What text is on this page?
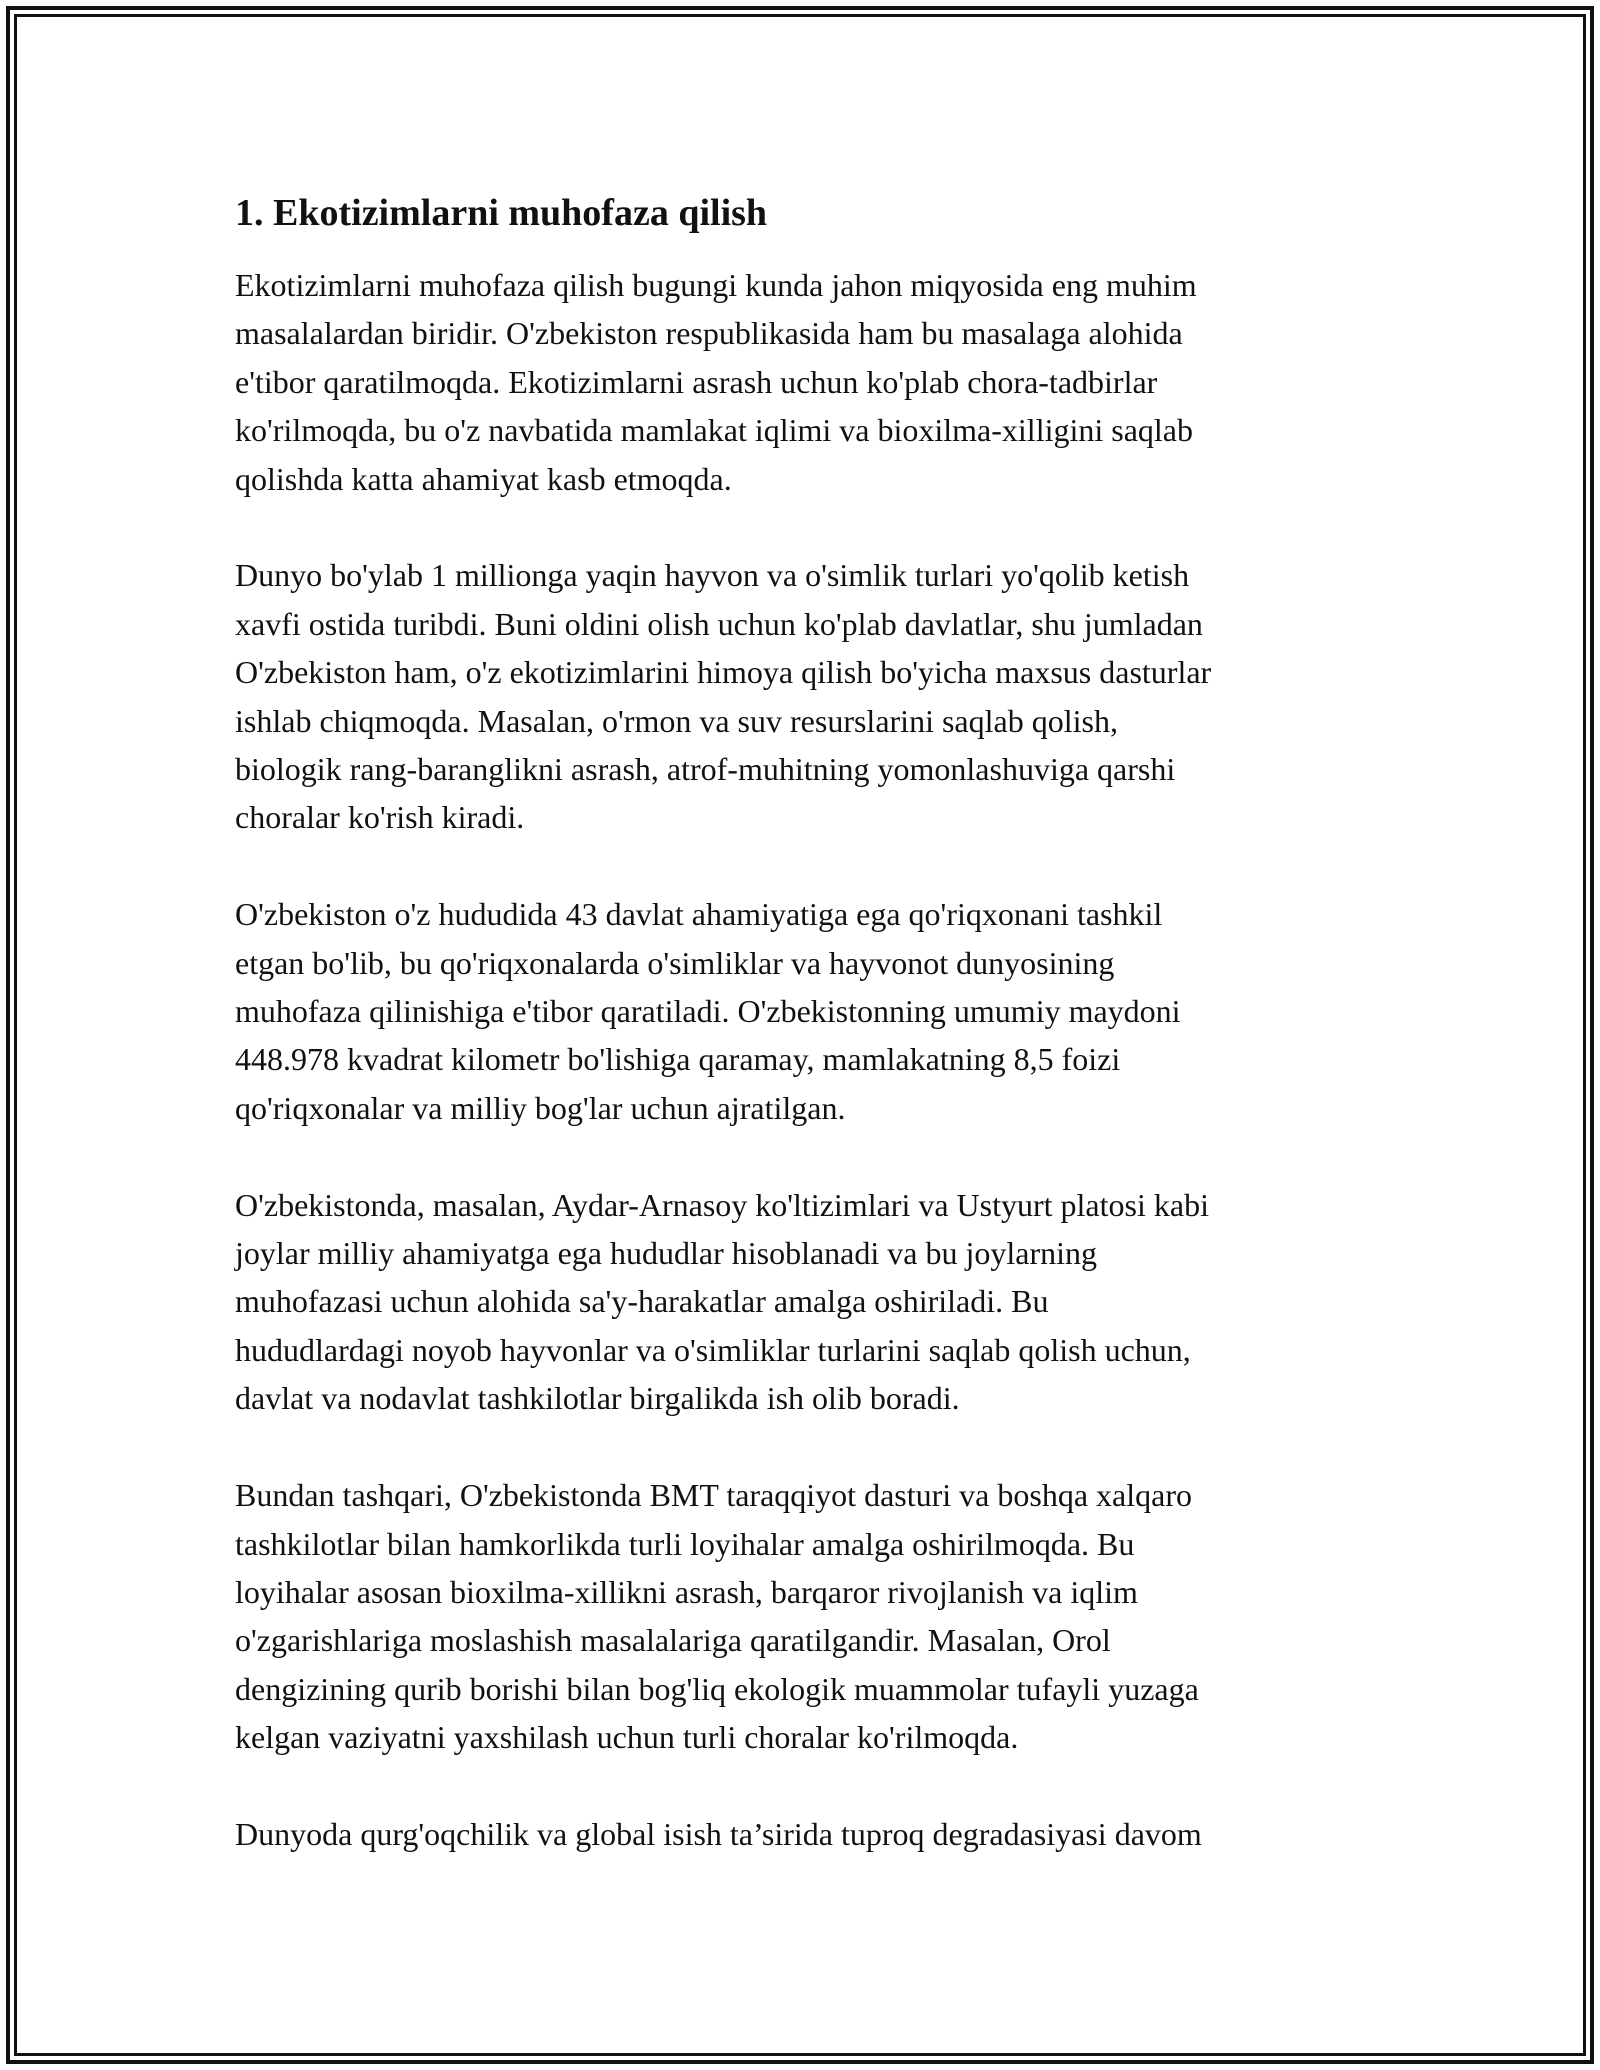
1. Ekotizimlarni muhofaza qilish

Ekotizimlarni muhofaza qilish bugungi kunda jahon miqyosida eng muhim
masalalardan biridir. O'zbekiston respublikasida ham bu masalaga alohida
e'tibor qaratilmoqda. Ekotizimlarni asrash uchun ko'plab chora-tadbirlar
ko'rilmoqda, bu o'z navbatida mamlakat iqlimi va bioxilma-xilligini saqlab
qolishda katta ahamiyat kasb etmoqda.

Dunyo bo'ylab 1 millionga yaqin hayvon va o'simlik turlari yo'qolib ketish
xavfi ostida turibdi. Buni oldini olish uchun ko'plab davlatlar, shu jumladan
O'zbekiston ham, o'z ekotizimlarini himoya qilish bo'yicha maxsus dasturlar
ishlab chiqmoqda. Masalan, o'rmon va suv resurslarini saqlab qolish,
biologik rang-baranglikni asrash, atrof-muhitning yomonlashuviga qarshi
choralar ko'rish kiradi.

O'zbekiston o'z hududida 43 davlat ahamiyatiga ega qo'riqxonani tashkil
etgan bo'lib, bu qo'riqxonalarda o'simliklar va hayvonot dunyosining
muhofaza qilinishiga e'tibor qaratiladi. O'zbekistonning umumiy maydoni
448.978 kvadrat kilometr bo'lishiga qaramay, mamlakatning 8,5 foizi
qo'riqxonalar va milliy bog'lar uchun ajratilgan.

O'zbekistonda, masalan, Aydar-Arnasoy ko'ltizimlari va Ustyurt platosi kabi
joylar milliy ahamiyatga ega hududlar hisoblanadi va bu joylarning
muhofazasi uchun alohida sa'y-harakatlar amalga oshiriladi. Bu
hududlardagi noyob hayvonlar va o'simliklar turlarini saqlab qolish uchun,
davlat va nodavlat tashkilotlar birgalikda ish olib boradi.

Bundan tashqari, O'zbekistonda BMT taraqqiyot dasturi va boshqa xalqaro
tashkilotlar bilan hamkorlikda turli loyihalar amalga oshirilmoqda. Bu
loyihalar asosan bioxilma-xillikni asrash, barqaror rivojlanish va iqlim
o'zgarishlariga moslashish masalalariga qaratilgandir. Masalan, Orol
dengizining qurib borishi bilan bog'liq ekologik muammolar tufayli yuzaga
kelgan vaziyatni yaxshilash uchun turli choralar ko'rilmoqda.

Dunyoda qurg'oqchilik va global isish ta’sirida tuproq degradasiyasi davom
